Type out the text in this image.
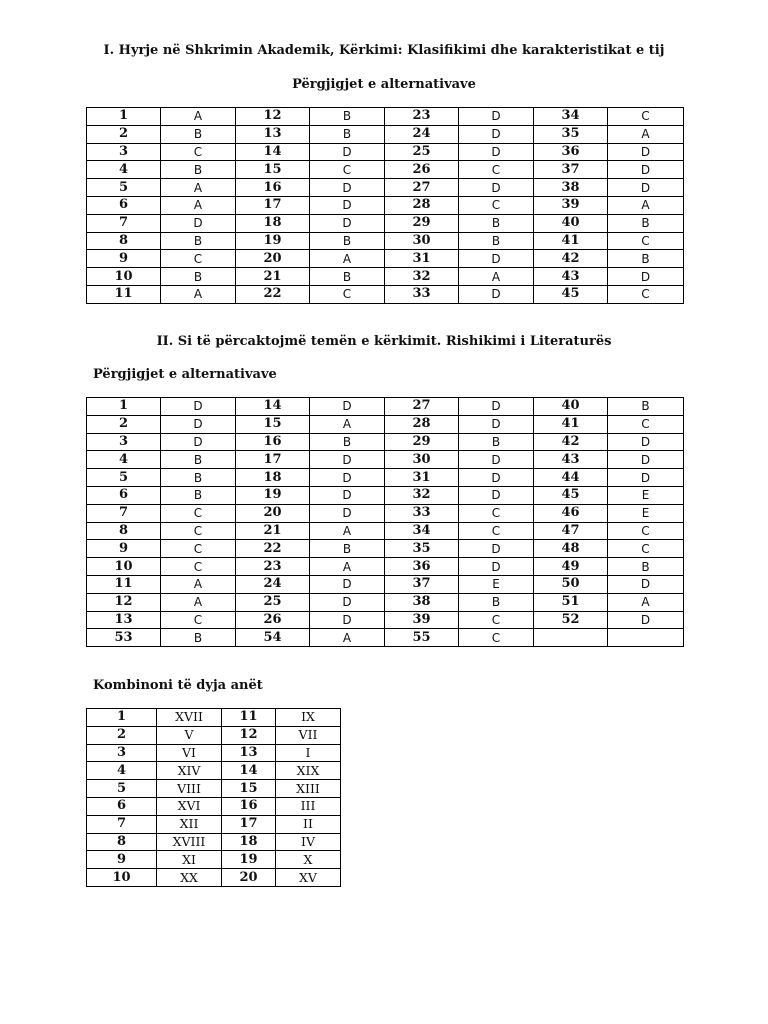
I. Hyrje në Shkrimin Akademik, Kërkimi: Klasifikimi dhe karakteristikat e tij
Përgjigjet e alternativave
1	A	12	B	23	D	34	C
2	B	13	B	24	D	35	A
3	C	14	D	25	D	36	D
4	B	15	C	26	C	37	D
5	A	16	D	27	D	38	D
6	A	17	D	28	C	39	A
7	D	18	D	29	B	40	B
8	B	19	B	30	B	41	C
9	C	20	A	31	D	42	B
10	B	21	B	32	A	43	D
11	A	22	C	33	D	45	C
II. Si të përcaktojmë temën e kërkimit. Rishikimi i Literaturës
Përgjigjet e alternativave
1	D	14	D	27	D	40	B
2	D	15	A	28	D	41	C
3	D	16	B	29	B	42	D
4	B	17	D	30	D	43	D
5	B	18	D	31	D	44	D
6	B	19	D	32	D	45	E
7	C	20	D	33	C	46	E
8	C	21	A	34	C	47	C
9	C	22	B	35	D	48	C
10	C	23	A	36	D	49	B
11	A	24	D	37	E	50	D
12	A	25	D	38	B	51	A
13	C	26	D	39	C	52	D
53	B	54	A	55	C		
Kombinoni të dyja anët
1	XVII	11	IX
2	V	12	VII
3	VI	13	I
4	XIV	14	XIX
5	VIII	15	XIII
6	XVI	16	III
7	XII	17	II
8	XVIII	18	IV
9	XI	19	X
10	XX	20	XV
